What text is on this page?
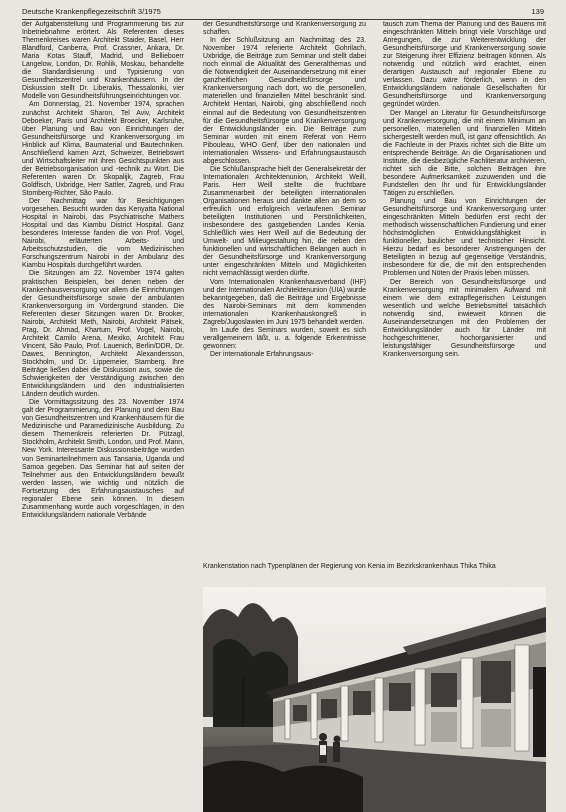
Deutsche Krankenpflegezeitschrift 3/1975	139

der Aufgabenstellung und Programmierung bis zur Inbetriebnahme erörtert. Als Referenten dieses Themenkreises waren Architekt Staider, Basel, Herr Blandford, Canberra, Prof. Crassner, Ankara, Dr. Maria Kotas Stauff, Madrid, und Bellieboerr Langelow, London, Dr. Rohlik, Moskau, behandelte die Standardisierung und Typisierung von Gesundheitszentrel und Krankenhäusern. In der Diskussion stellt Dr. Liberakis, Thessaloniki, vier Modelle von Gesundheitsführungseinrichtungen vor.

Am Donnerstag, 21. November 1974, sprachen zunächst Architekt Sharon, Tel Aviv, Architekt Deboeker, Paris und Architekt Broecker, Karlsruhe, über Planung und Bau von Einrichtungen der Gesundheitsfürsorge und Krankenversorgung im Hinblick auf Klima, Baumaterial und Bautechniken. Anschließend kamen Arzt, Schweizer, Betriebswirt und Wirtschaftsleiter mit ihren Gesichtspunkten aus der Betriebsorganisation und -technik zu Wort. Die Referenten waren Dr. Skopalijk, Zagreb, Frau Goldfisch, Uxbridge, Herr Sattler, Zagreb, und Frau Stomberg-Richter, São Paulo.

Der Nachmittag war für Besichtigungen vorgesehen. Besucht wurden das Kenyatta National Hospital in Nairobi, das Psychiatrische Mathers Hospital und das Kiambu District Hospital. Ganz besonderes Interesse fanden die von Prof. Vogel, Nairobi, erläuterten Arbeits- und Arbeitsschutzstudien, die vom Medizinischen Forschungszentrum Nairobi in der Ambulanz des Kiambu Hospitals durchgeführt wurden.

Die Sitzungen am 22. November 1974 galten praktischen Beispielen, bei denen neben der Krankenhausversorgung vor allem die Einrichtungen der Gesundheitsfürsorge sowie der ambulanten Krankenversorgung im Vordergrund standen. Die Referenten dieser Sitzungen waren Dr. Brooker, Nairobi, Architekt Meth, Nairobi, Architekt Pätsek, Prag, Dr. Ahmad, Khartum, Prof. Vogel, Nairobi, Architekt Camilo Arena, Mexiko, Architekt Frau Vincent, São Paulo, Prof. Lauenich, Berlin/DDR, Dr. Dawes, Bennington, Architekt Alexandersson, Stockholm, und Dr. Lippemeier, Starnberg. Ihre Beiträge ließen dabei die Diskussion aus, sowie die Schwierigkeiten der Verständigung zwischen den Entwicklungsländern und den industrialisierten Ländern deutlich wurden.

Die Vormittagssitzung des 23. November 1974 galt der Programmierung, der Planung und dem Bau von Gesundheitszentren und Krankenhäusern für die Medizinische und Paramedizinische Ausbildung. Zu diesem Themenkreis referierten Dr. Pützagl, Stockholm, Architekt Smith, London, und Prof. Mann, New York. Interessante Diskussionsbeiträge wurden von Seminarteilnehmern aus Tansania, Uganda und Samoa gegeben. Das Seminar hat auf seiten der Teilnehmer aus den Entwicklungsländern bewußt werden lassen, wie wichtig und nützlich die Fortsetzung des Erfahrungsaustausches auf regionaler Ebene sein können. In diesem Zusammenhang wurde auch vorgeschlagen, in den Entwicklungsländern nationale Verbände

der Gesundheitsfürsorge und Krankenversorgung zu schaffen.

In der Schlußsitzung am Nachmittag des 23. November 1974 referierte Architekt Gohrilach, Uxbridge, die Beiträge zum Seminar und stellt dabei noch einmal die Aktualität des Generalthemas und die Notwendigkeit der Auseinandersetzung mit einer ganzheitlichen Gesundheitsfürsorge und Krankenversorgung nach dort, wo die personellen, materiellen und finanziellen Mittel beschränkt sind. Architekt Hentari, Nairobi, ging abschließend noch einmal auf die Bedeutung von Gesundheitszentren für die Gesundheitsfürsorge und Krankenversorgung der Entwicklungsländer ein. Die Beiträge zum Seminar wurden mit einem Referat von Herrn Pibouleau, WHO Genf, über den nationalen und internationalen Wissens- und Erfahrungsaustausch abgeschlossen.

Die Schlußansprache hielt der Generalsekretär der Internationalen Architektenunion, Architekt Weill, Paris. Herr Weill stellte die fruchtbare Zusammenarbeit der beteiligten internationalen Organisationen heraus und dankte allen an dem so erfreulich und erfolgreich verlaufenen Seminar beteiligten Institutionen und Persönlichkeiten, insbesondere des gastgebenden Landes Kenia. Schließlich wies Herr Weill auf die Bedeutung der Umwelt- und Milieugestaltung hin, die neben den funktionellen und wirtschaftlichen Belangen auch in der Gesundheitsfürsorge und Krankenversorgung unter eingeschränkten Mitteln und Möglichkeiten nicht vernachlässigt werden dürfte.

Vom Internationalen Krankenhausverband (IHF) und der Internationalen Architektenunion (UIA) wurde bekanntgegeben, daß die Beiträge und Ergebnisse des Nairobi-Seminars mit dem kommenden internationalen Krankenhauskongreß in Zagreb/Jugoslawien im Juni 1975 behandelt werden.

Im Laufe des Seminars wurden, soweit es sich verallgemeinern läßt, u. a. folgende Erkenntnisse gewonnen:

Der internationale Erfahrungsaus-

tausch zum Thema der Planung und des Bauens mit eingeschränkten Mitteln bringt viele Vorschläge und Anregungen, die zur Weiterentwicklung der Gesundheitsfürsorge und Krankenversorgung sowie zur Steigerung ihrer Effizienz beitragen können. Als notwendig und nützlich wird erachtet, einen derartigen Austausch auf regionaler Ebene zu verlassen. Dazu wäre förderlich, wenn in den Entwicklungsländern nationale Gesellschaften für Gesundheitsfürsorge und Krankenversorgung gegründet würden.

Der Mangel an Literatur für Gesundheitsfürsorge und Krankenversorgung, die mit einem Minimum an personellen, materiellen und finanziellen Mitteln sichergestellt werden muß, ist ganz offensichtlich. An die Fachleute in der Praxis richtet sich die Bitte um entsprechende Beiträge. An die Organisationen und Institute, die diesbezügliche Fachliteratur archivieren, richtet sich die Bitte, solchen Beiträgen ihre besondere Aufmerksamkeit zuzuwenden und die Fundstellen den Ihr und für Entwicklungsländer Tätigen zu erschließen.

Planung und Bau von Einrichtungen der Gesundheitsfürsorge und Krankenversorgung unter eingeschränkten Mitteln bedürfen erst recht der methodisch wissenschaftlichen Fundierung und einer höchstmöglichen Entwicklungsfähigkeit in funktioneller, baulicher und technischer Hinsicht. Hierzu bedarf es besonderer Anstrengungen der Beteiligten in bezug auf gegenseitige Verständnis, insbesondere für die, die mit den entsprechenden Problemen und Nöten der Praxis leben müssen.

Der Bereich von Gesundheitsfürsorge und Krankenversorgung mit minimalem Aufwand mit einem wie dem extrapflegerischen Leistungen wesentlich und welche Betriebsmittel tatsächlich notwendig sind, inwieweit können die Auseinandersetzungen mit den Problemen der Entwicklungsländer auch für Länder mit hochgeschrittener, hochorganisierter und leistungsfähiger Gesundheitsfürsorge und Krankenversorgung sein.

Krankenstation nach Typenplänen der Regierung von Kenia im Bezirkskrankenhaus Thika Thika
